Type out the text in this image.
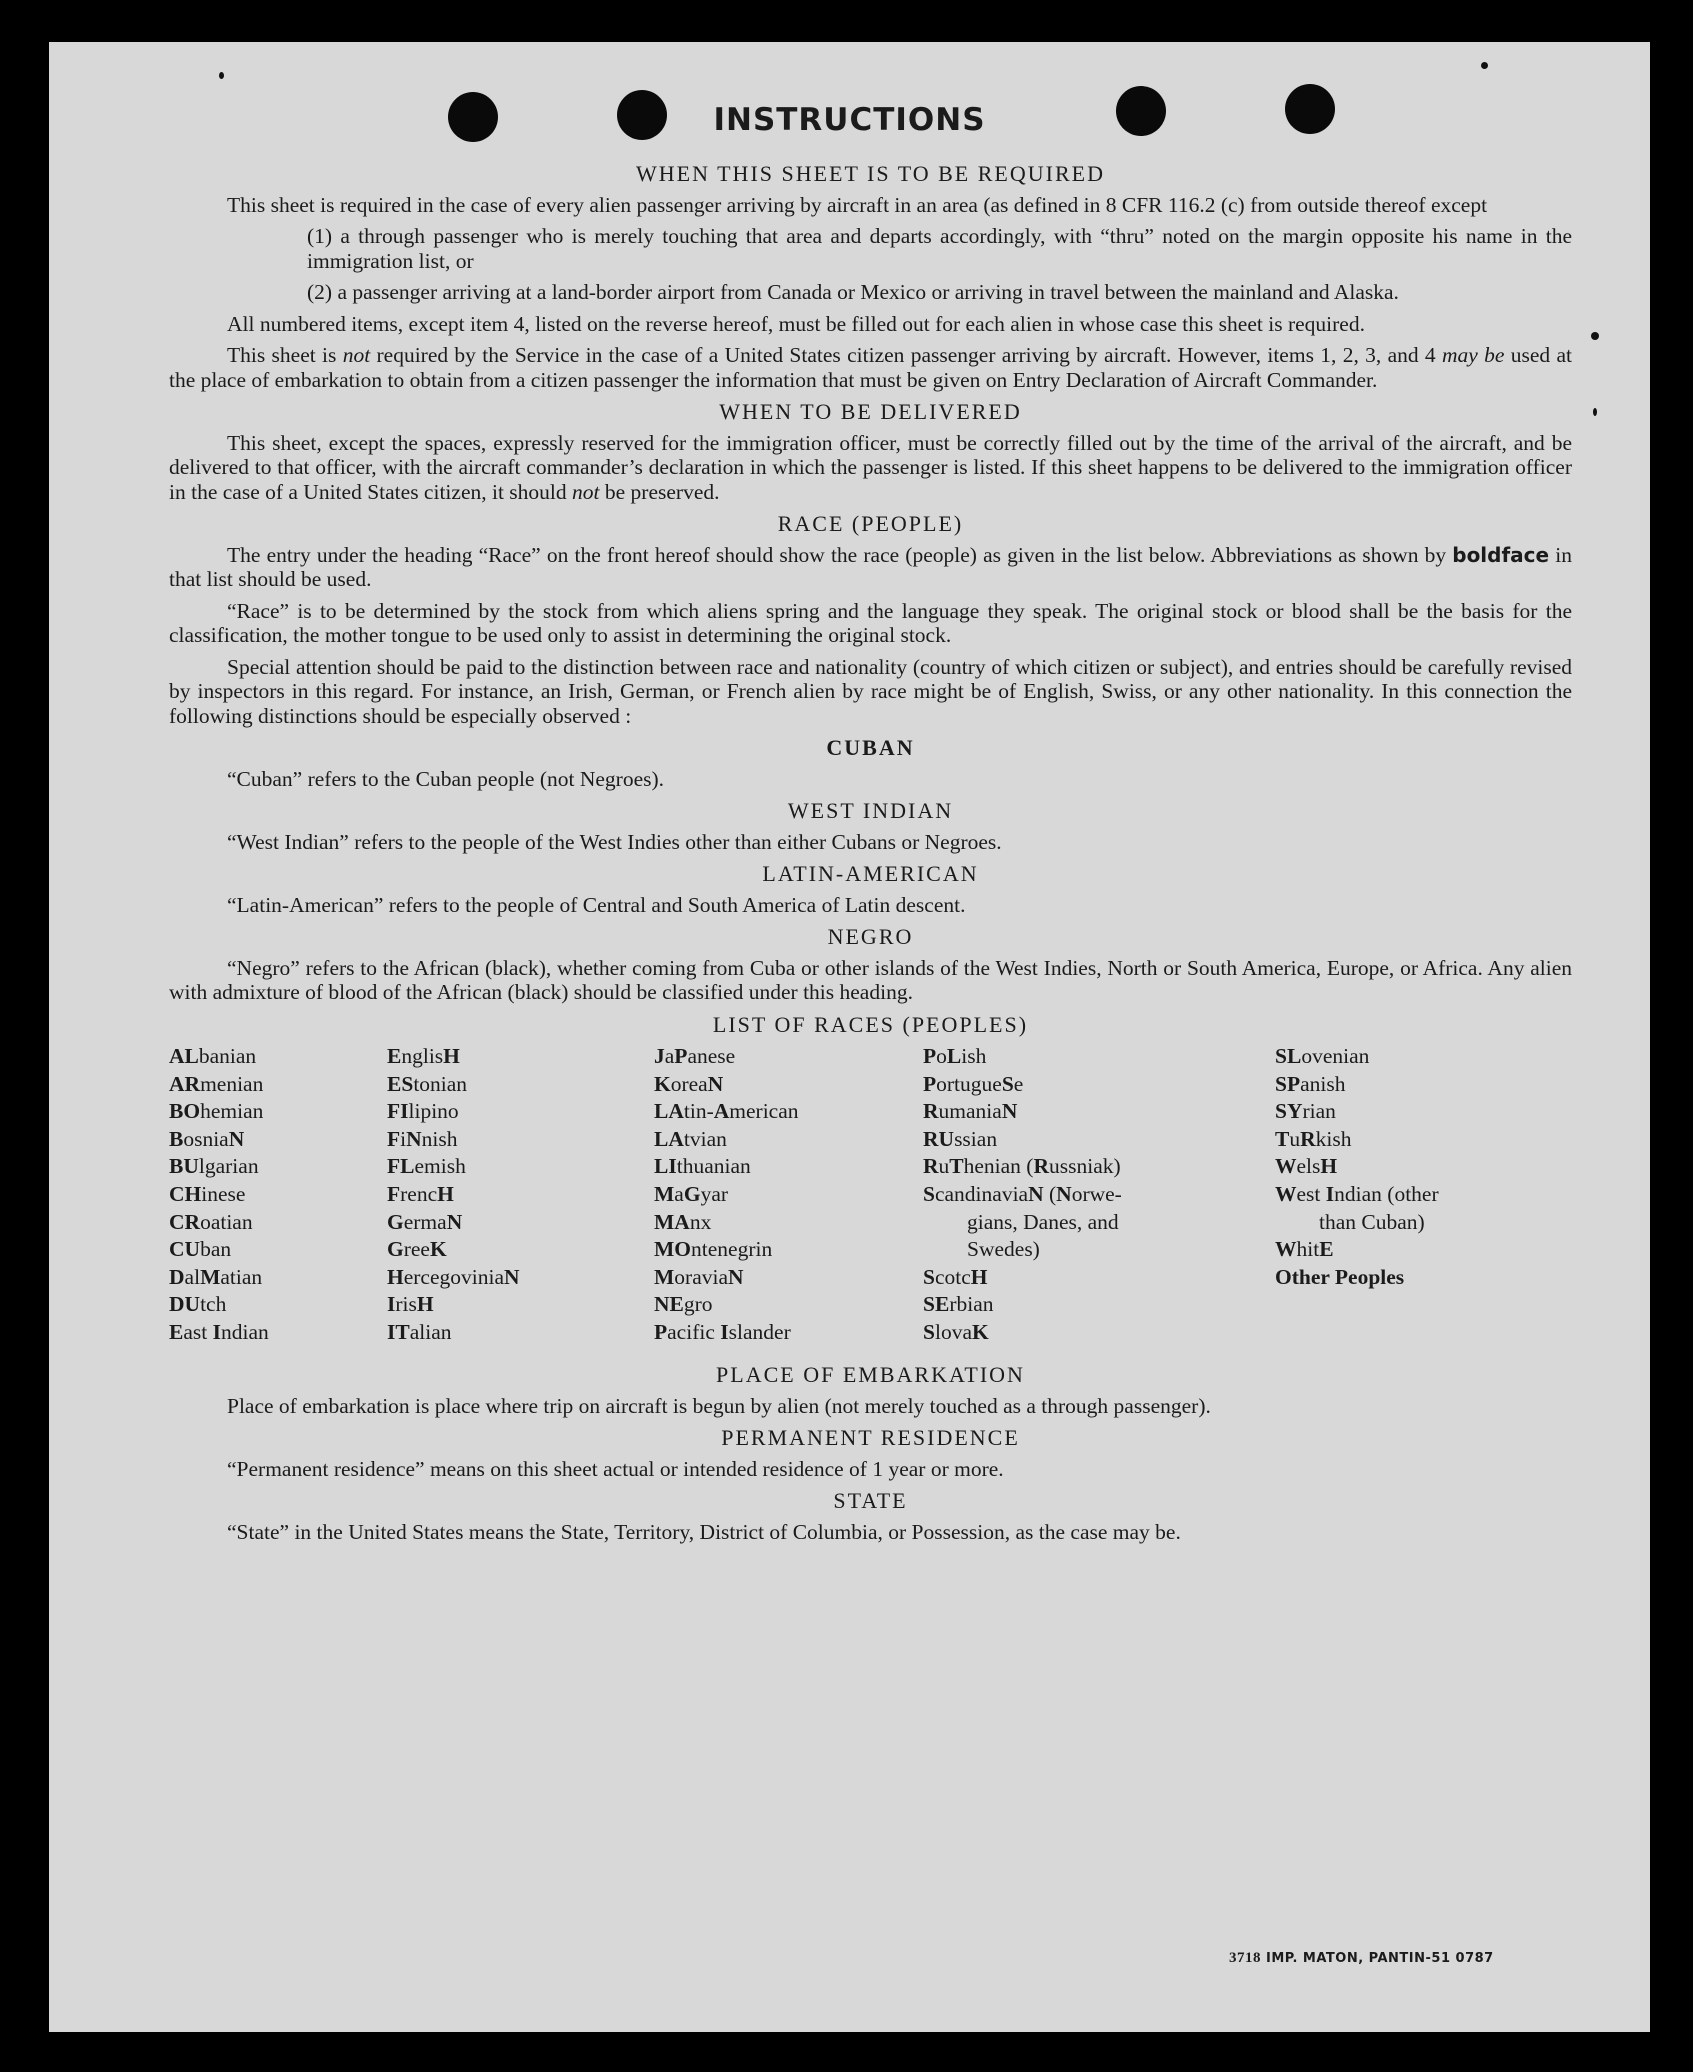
INSTRUCTIONS
WHEN THIS SHEET IS TO BE REQUIRED

This sheet is required in the case of every alien passenger arriving by aircraft in an area (as defined in 8 CFR 116.2 (c) from outside thereof except

(1) a through passenger who is merely touching that area and departs accordingly, with “thru” noted on the margin opposite his name in the immigration list, or

(2) a passenger arriving at a land-border airport from Canada or Mexico or arriving in travel between the mainland and Alaska.

All numbered items, except item 4, listed on the reverse hereof, must be filled out for each alien in whose case this sheet is required.

This sheet is not required by the Service in the case of a United States citizen passenger arriving by aircraft. However, items 1, 2, 3, and 4 may be used at the place of embarkation to obtain from a citizen passenger the information that must be given on Entry Declaration of Aircraft Commander.

WHEN TO BE DELIVERED

This sheet, except the spaces, expressly reserved for the immigration officer, must be correctly filled out by the time of the arrival of the aircraft, and be delivered to that officer, with the aircraft commander’s declaration in which the passenger is listed. If this sheet happens to be delivered to the immigration officer in the case of a United States citizen, it should not be preserved.

RACE (PEOPLE)

The entry under the heading “Race” on the front hereof should show the race (people) as given in the list below. Abbreviations as shown by boldface in that list should be used.

“Race” is to be determined by the stock from which aliens spring and the language they speak. The original stock or blood shall be the basis for the classification, the mother tongue to be used only to assist in determining the original stock.

Special attention should be paid to the distinction between race and nationality (country of which citizen or subject), and entries should be carefully revised by inspectors in this regard. For instance, an Irish, German, or French alien by race might be of English, Swiss, or any other nationality. In this connection the following distinctions should be especially observed :

CUBAN

“Cuban” refers to the Cuban people (not Negroes).

WEST INDIAN

“West Indian” refers to the people of the West Indies other than either Cubans or Negroes.

LATIN-AMERICAN

“Latin-American” refers to the people of Central and South America of Latin descent.

NEGRO

“Negro” refers to the African (black), whether coming from Cuba or other islands of the West Indies, North or South America, Europe, or Africa. Any alien with admixture of blood of the African (black) should be classified under this heading.

LIST OF RACES (PEOPLES)
ALbanian
ARmenian
BOhemian
BosniaN
BUlgarian
CHinese
CRoatian
CUban
DalMatian
DUtch
East Indian
EnglisH
EStonian
FIlipino
FiNnish
FLemish
FrencH
GermaN
GreeK
HercegoviniaN
IrisH
ITalian
JaPanese
KoreaN
LAtin-American
LAtvian
LIthuanian
MaGyar
MAnx
MOntenegrin
MoraviaN
NEgro
Pacific Islander
PoLish
PortugueSe
RumaniaN
RUssian
RuThenian (Russniak)
ScandinaviaN (Norwe-
gians, Danes, and
Swedes)
ScotcH
SErbian
SlovaK
SLovenian
SPanish
SYrian
TuRkish
WelsH
West Indian (other
than Cuban)
WhitE
Other Peoples
PLACE OF EMBARKATION

Place of embarkation is place where trip on aircraft is begun by alien (not merely touched as a through passenger).

PERMANENT RESIDENCE

“Permanent residence” means on this sheet actual or intended residence of 1 year or more.

STATE

“State” in the United States means the State, Territory, District of Columbia, or Possession, as the case may be.

3718 IMP. MATON, PANTIN-51 0787
